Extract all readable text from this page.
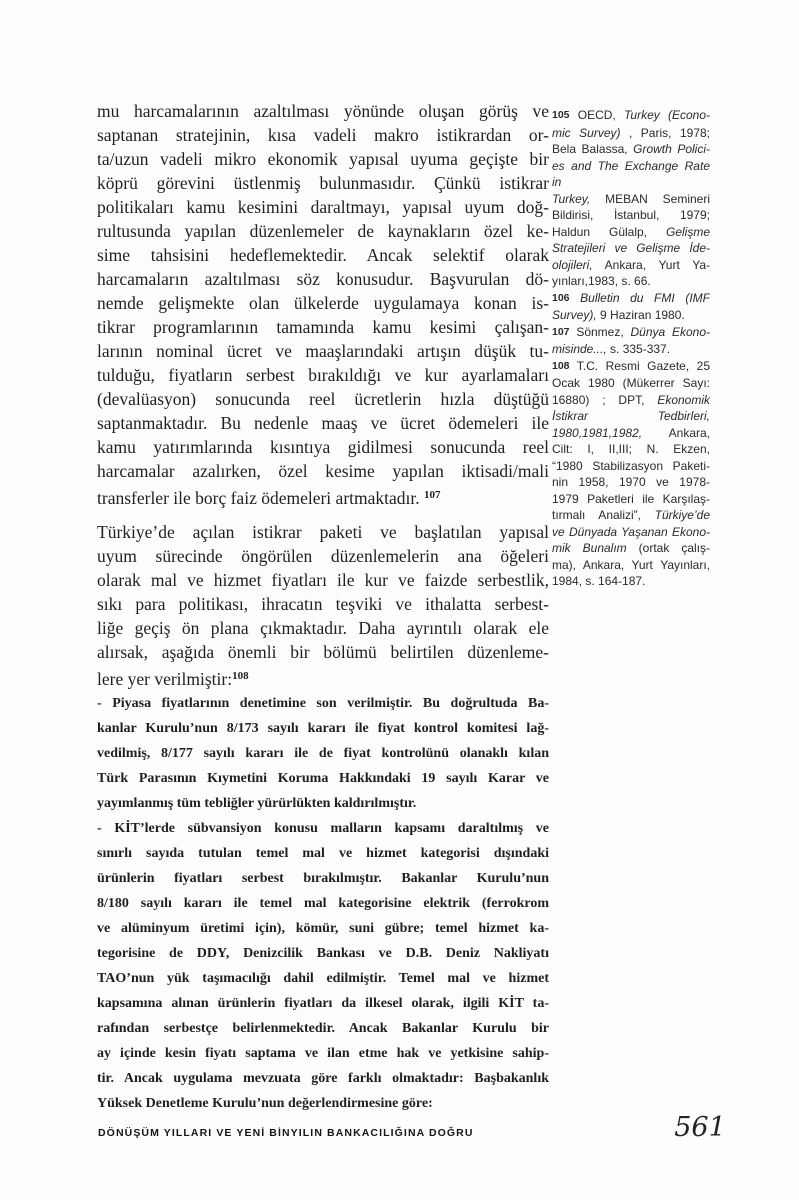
mu harcamalarının azaltılması yönünde oluşan görüş ve
saptanan stratejinin, kısa vadeli makro istikrardan or-
ta/uzun vadeli mikro ekonomik yapısal uyuma geçişte bir
köprü görevini üstlenmiş bulunmasıdır. Çünkü istikrar
politikaları kamu kesimini daraltmayı, yapısal uyum doğ-
rultusunda yapılan düzenlemeler de kaynakların özel ke-
sime tahsisini hedeflemektedir. Ancak selektif olarak
harcamaların azaltılması söz konusudur. Başvurulan dö-
nemde gelişmekte olan ülkelerde uygulamaya konan is-
tikrar programlarının tamamında kamu kesimi çalışan-
larının nominal ücret ve maaşlarındaki artışın düşük tu-
tulduğu, fiyatların serbest bırakıldığı ve kur ayarlamaları
(devalüasyon) sonucunda reel ücretlerin hızla düştüğü
saptanmaktadır. Bu nedenle maaş ve ücret ödemeleri ile
kamu yatırımlarında kısıntıya gidilmesi sonucunda reel
harcamalar azalırken, özel kesime yapılan iktisadi/mali
transferler ile borç faiz ödemeleri artmaktadır. $^{107}$
Türkiye’de açılan istikrar paketi ve başlatılan yapısal
uyum sürecinde öngörülen düzenlemelerin ana öğeleri
olarak mal ve hizmet fiyatları ile kur ve faizde serbestlik,
sıkı para politikası, ihracatın teşviki ve ithalatta serbest-
liğe geçiş ön plana çıkmaktadır. Daha ayrıntılı olarak ele
alırsak, aşağıda önemli bir bölümü belirtilen düzenleme-
lere yer verilmiştir:$^{108}$
- Piyasa fiyatlarının denetimine son verilmiştir. Bu doğrultuda Ba-
kanlar Kurulu’nun 8/173 sayılı kararı ile fiyat kontrol komitesi lağ-
vedilmiş, 8/177 sayılı kararı ile de fiyat kontrolünü olanaklı kılan
Türk Parasının Kıymetini Koruma Hakkındaki 19 sayılı Karar ve
yayımlanmış tüm tebliğler yürürlükten kaldırılmıştır.
- KİT’lerde sübvansiyon konusu malların kapsamı daraltılmış ve
sınırlı sayıda tutulan temel mal ve hizmet kategorisi dışındaki
ürünlerin fiyatları serbest bırakılmıştır. Bakanlar Kurulu’nun
8/180 sayılı kararı ile temel mal kategorisine elektrik (ferrokrom
ve alüminyum üretimi için), kömür, suni gübre; temel hizmet ka-
tegorisine de DDY, Denizcilik Bankası ve D.B. Deniz Nakliyatı
TAO’nun yük taşımacılığı dahil edilmiştir. Temel mal ve hizmet
kapsamına alınan ürünlerin fiyatları da ilkesel olarak, ilgili KİT ta-
rafından serbestçe belirlenmektedir. Ancak Bakanlar Kurulu bir
ay içinde kesin fiyatı saptama ve ilan etme hak ve yetkisine sahip-
tir. Ancak uygulama mevzuata göre farklı olmaktadır: Başbakanlık
Yüksek Denetleme Kurulu’nun değerlendirmesine göre:
105 OECD, Turkey (Econo-
mic Survey) , Paris, 1978;
Bela Balassa, Growth Polici-
es and The Exchange Rate in
Turkey, MEBAN Semineri
Bildirisi, İstanbul, 1979;
Haldun Gülalp, Gelişme
Stratejileri ve Gelişme İde-
olojileri, Ankara, Yurt Ya-
yınları,1983, s. 66.
106 Bulletin du FMI (IMF
Survey), 9 Haziran 1980.
107 Sönmez, Dünya Ekono-
misinde..., s. 335-337.
108 T.C. Resmi Gazete, 25
Ocak 1980 (Mükerrer Sayı:
16880) ; DPT, Ekonomik
İstikrar Tedbirleri,
1980,1981,1982, Ankara,
Cilt: I, II,III; N. Ekzen,
“1980 Stabilizasyon Paketi-
nin 1958, 1970 ve 1978-
1979 Paketleri ile Karşılaş-
tırmalı Analizi”, Türkiye’de
ve Dünyada Yaşanan Ekono-
mik Bunalım (ortak çalış-
ma), Ankara, Yurt Yayınları,
1984, s. 164-187.
DÖNÜŞÜM YILLARI VE YENİ BİNYILIN BANKACILIĞINA DOĞRU	561
